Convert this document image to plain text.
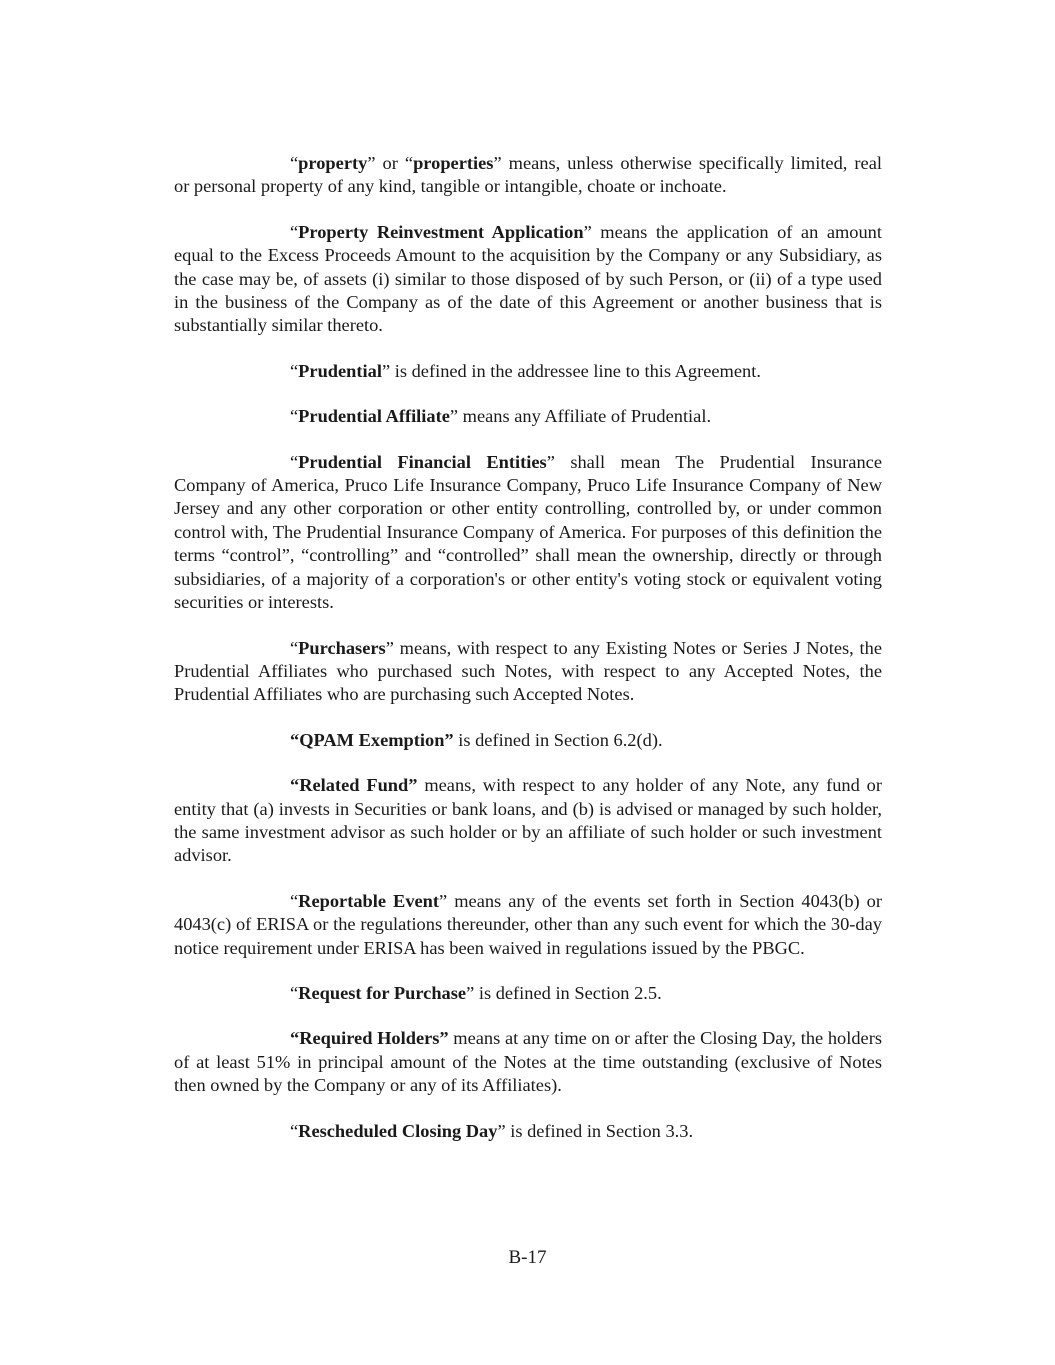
“property” or “properties” means, unless otherwise specifically limited, real or personal property of any kind, tangible or intangible, choate or inchoate.

“Property Reinvestment Application” means the application of an amount equal to the Excess Proceeds Amount to the acquisition by the Company or any Subsidiary, as the case may be, of assets (i) similar to those disposed of by such Person, or (ii) of a type used in the business of the Company as of the date of this Agreement or another business that is substantially similar thereto.

“Prudential” is defined in the addressee line to this Agreement.

“Prudential Affiliate” means any Affiliate of Prudential.

“Prudential Financial Entities” shall mean The Prudential Insurance Company of America, Pruco Life Insurance Company, Pruco Life Insurance Company of New Jersey and any other corporation or other entity controlling, controlled by, or under common control with, The Prudential Insurance Company of America. For purposes of this definition the terms “control”, “controlling” and “controlled” shall mean the ownership, directly or through subsidiaries, of a majority of a corporation's or other entity's voting stock or equivalent voting securities or interests.

“Purchasers” means, with respect to any Existing Notes or Series J Notes, the Prudential Affiliates who purchased such Notes, with respect to any Accepted Notes, the Prudential Affiliates who are purchasing such Accepted Notes.

“QPAM Exemption” is defined in Section 6.2(d).

“Related Fund” means, with respect to any holder of any Note, any fund or entity that (a) invests in Securities or bank loans, and (b) is advised or managed by such holder, the same investment advisor as such holder or by an affiliate of such holder or such investment advisor.

“Reportable Event” means any of the events set forth in Section 4043(b) or 4043(c) of ERISA or the regulations thereunder, other than any such event for which the 30-day notice requirement under ERISA has been waived in regulations issued by the PBGC.

“Request for Purchase” is defined in Section 2.5.

“Required Holders” means at any time on or after the Closing Day, the holders of at least 51% in principal amount of the Notes at the time outstanding (exclusive of Notes then owned by the Company or any of its Affiliates).

“Rescheduled Closing Day” is defined in Section 3.3.

B-17
